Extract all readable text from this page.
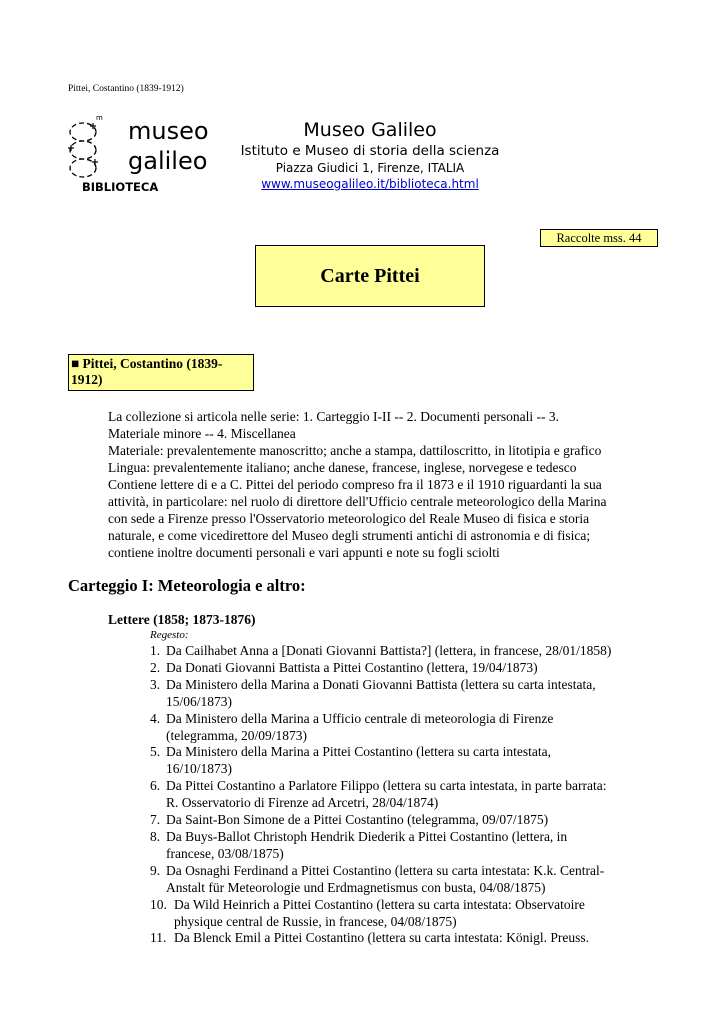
Pittei, Costantino (1839-1912)
m museo
galileo
BIBLIOTECA
Museo Galileo
Istituto e Museo di storia della scienza
Piazza Giudici 1, Firenze, ITALIA
www.museogalileo.it/biblioteca.html
Raccolte mss. 44
Carte Pittei
■ Pittei, Costantino (1839-
1912)
La collezione si articola nelle serie: 1. Carteggio I-II -- 2. Documenti personali -- 3.
Materiale minore -- 4. Miscellanea
Materiale: prevalentemente manoscritto; anche a stampa, dattiloscritto, in litotipia e grafico
Lingua: prevalentemente italiano; anche danese, francese, inglese, norvegese e tedesco
Contiene lettere di e a C. Pittei del periodo compreso fra il 1873 e il 1910 riguardanti la sua
attività, in particolare: nel ruolo di direttore dell'Ufficio centrale meteorologico della Marina
con sede a Firenze presso l'Osservatorio meteorologico del Reale Museo di fisica e storia
naturale, e come vicedirettore del Museo degli strumenti antichi di astronomia e di fisica;
contiene inoltre documenti personali e vari appunti e note su fogli sciolti
Carteggio I: Meteorologia e altro:
Lettere (1858; 1873-1876)
Regesto:
1. Da Cailhabet Anna a [Donati Giovanni Battista?] (lettera, in francese, 28/01/1858)
2. Da Donati Giovanni Battista a Pittei Costantino (lettera, 19/04/1873)
3. Da Ministero della Marina a Donati Giovanni Battista (lettera su carta intestata,
15/06/1873)
4. Da Ministero della Marina a Ufficio centrale di meteorologia di Firenze
(telegramma, 20/09/1873)
5. Da Ministero della Marina a Pittei Costantino (lettera su carta intestata,
16/10/1873)
6. Da Pittei Costantino a Parlatore Filippo (lettera su carta intestata, in parte barrata:
R. Osservatorio di Firenze ad Arcetri, 28/04/1874)
7. Da Saint-Bon Simone de a Pittei Costantino (telegramma, 09/07/1875)
8. Da Buys-Ballot Christoph Hendrik Diederik a Pittei Costantino (lettera, in
francese, 03/08/1875)
9. Da Osnaghi Ferdinand a Pittei Costantino (lettera su carta intestata: K.k. Central-
Anstalt für Meteorologie und Erdmagnetismus con busta, 04/08/1875)
10. Da Wild Heinrich a Pittei Costantino (lettera su carta intestata: Observatoire
physique central de Russie, in francese, 04/08/1875)
11. Da Blenck Emil a Pittei Costantino (lettera su carta intestata: Königl. Preuss.
